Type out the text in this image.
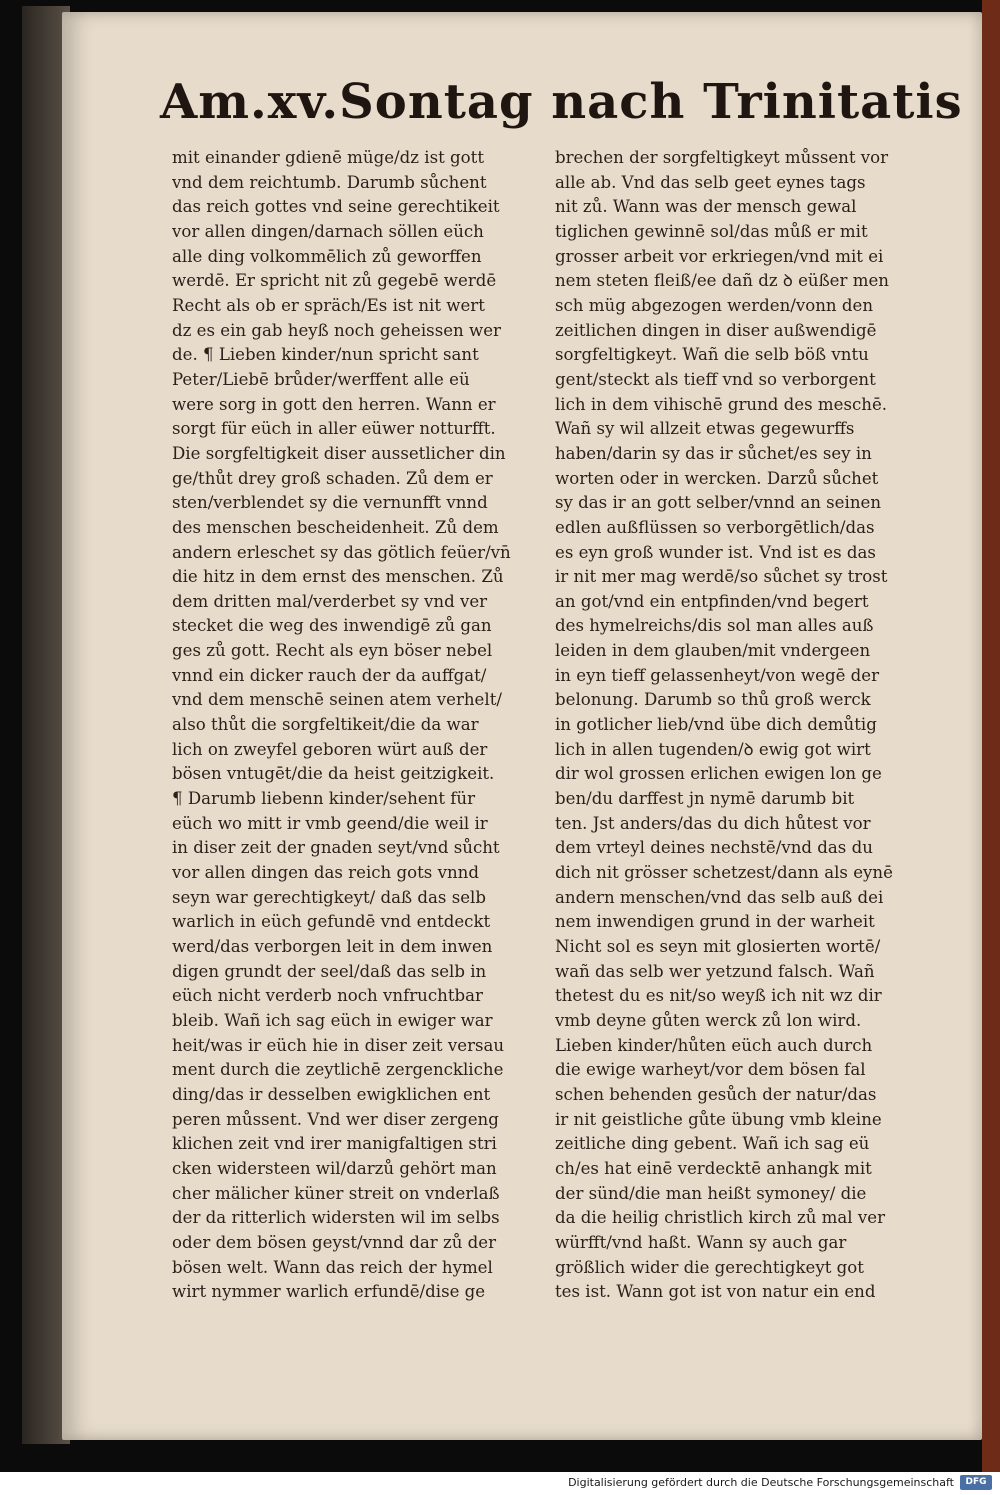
Am.xv.Sontag nach Trinitatis
mit einander gdienē müge/dz ist gott
vnd dem reichtumb. Darumb sůchent
das reich gottes vnd seine gerechtikeit
vor allen dingen/darnach söllen eüch
alle ding volkommēlich zů geworffen
werdē. Er spricht nit zů gegebē werdē
Recht als ob er spräch/Es ist nit wert
dz es ein gab heyß noch geheissen wer
de. ¶ Lieben kinder/nun spricht sant
Peter/Liebē brůder/werffent alle eü
were sorg in gott den herren. Wann er
sorgt für eüch in aller eüwer notturfft.
Die sorgfeltigkeit diser aussetlicher din
ge/thůt drey groß schaden. Zů dem er
sten/verblendet sy die vernunfft vnnd
des menschen bescheidenheit. Zů dem
andern erleschet sy das götlich feüer/vn̄
die hitz in dem ernst des menschen. Zů
dem dritten mal/verderbet sy vnd ver
stecket die weg des inwendigē zů gan
ges zů gott. Recht als eyn böser nebel
vnnd ein dicker rauch der da auffgat/
vnd dem menschē seinen atem verhelt/
also thůt die sorgfeltikeit/die da war
lich on zweyfel geboren würt auß der
bösen vntugēt/die da heist geitzigkeit.
¶ Darumb liebenn kinder/sehent für
eüch wo mitt ir vmb geend/die weil ir
in diser zeit der gnaden seyt/vnd sůcht
vor allen dingen das reich gots vnnd
seyn war gerechtigkeyt/ daß das selb
warlich in eüch gefundē vnd entdeckt
werd/das verborgen leit in dem inwen
digen grundt der seel/daß das selb in
eüch nicht verderb noch vnfruchtbar
bleib. Wañ ich sag eüch in ewiger war
heit/was ir eüch hie in diser zeit versau
ment durch die zeytlichē zergenckliche
ding/das ir desselben ewigklichen ent
peren můssent. Vnd wer diser zergeng
klichen zeit vnd irer manigfaltigen stri
cken widersteen wil/darzů gehört man
cher mälicher küner streit on vnderlaß
der da ritterlich widersten wil im selbs
oder dem bösen geyst/vnnd dar zů der
bösen welt. Wann das reich der hymel
wirt nymmer warlich erfundē/dise ge
brechen der sorgfeltigkeyt můssent vor
alle ab. Vnd das selb geet eynes tags
nit zů. Wann was der mensch gewal
tiglichen gewinnē sol/das můß er mit
grosser arbeit vor erkriegen/vnd mit ei
nem steten fleiß/ee dañ dz ꝺ eüßer men
sch müg abgezogen werden/vonn den
zeitlichen dingen in diser außwendigē
sorgfeltigkeyt. Wañ die selb böß vntu
gent/steckt als tieff vnd so verborgent
lich in dem vihischē grund des meschē.
Wañ sy wil allzeit etwas gegewurffs
haben/darin sy das ir sůchet/es sey in
worten oder in wercken. Darzů sůchet
sy das ir an gott selber/vnnd an seinen
edlen außflüssen so verborgētlich/das
es eyn groß wunder ist. Vnd ist es das
ir nit mer mag werdē/so sůchet sy trost
an got/vnd ein entpfinden/vnd begert
des hymelreichs/dis sol man alles auß
leiden in dem glauben/mit vndergeen
in eyn tieff gelassenheyt/von wegē der
belonung. Darumb so thů groß werck
in gotlicher lieb/vnd übe dich demůtig
lich in allen tugenden/ꝺ ewig got wirt
dir wol grossen erlichen ewigen lon ge
ben/du darffest jn nymē darumb bit
ten. Jst anders/das du dich hůtest vor
dem vrteyl deines nechstē/vnd das du
dich nit grösser schetzest/dann als eynē
andern menschen/vnd das selb auß dei
nem inwendigen grund in der warheit
Nicht sol es seyn mit glosierten wortē/
wañ das selb wer yetzund falsch. Wañ
thetest du es nit/so weyß ich nit wz dir
vmb deyne gůten werck zů lon wird.
Lieben kinder/hůten eüch auch durch
die ewige warheyt/vor dem bösen fal
schen behenden gesůch der natur/das
ir nit geistliche gůte übung vmb kleine
zeitliche ding gebent. Wañ ich sag eü
ch/es hat einē verdecktē anhangk mit
der sünd/die man heißt symoney/ die
da die heilig christlich kirch zů mal ver
würfft/vnd haßt. Wann sy auch gar
größlich wider die gerechtigkeyt got
tes ist. Wann got ist von natur ein end
Digitalisierung gefördert durch die Deutsche Forschungsgemeinschaft	DFG
